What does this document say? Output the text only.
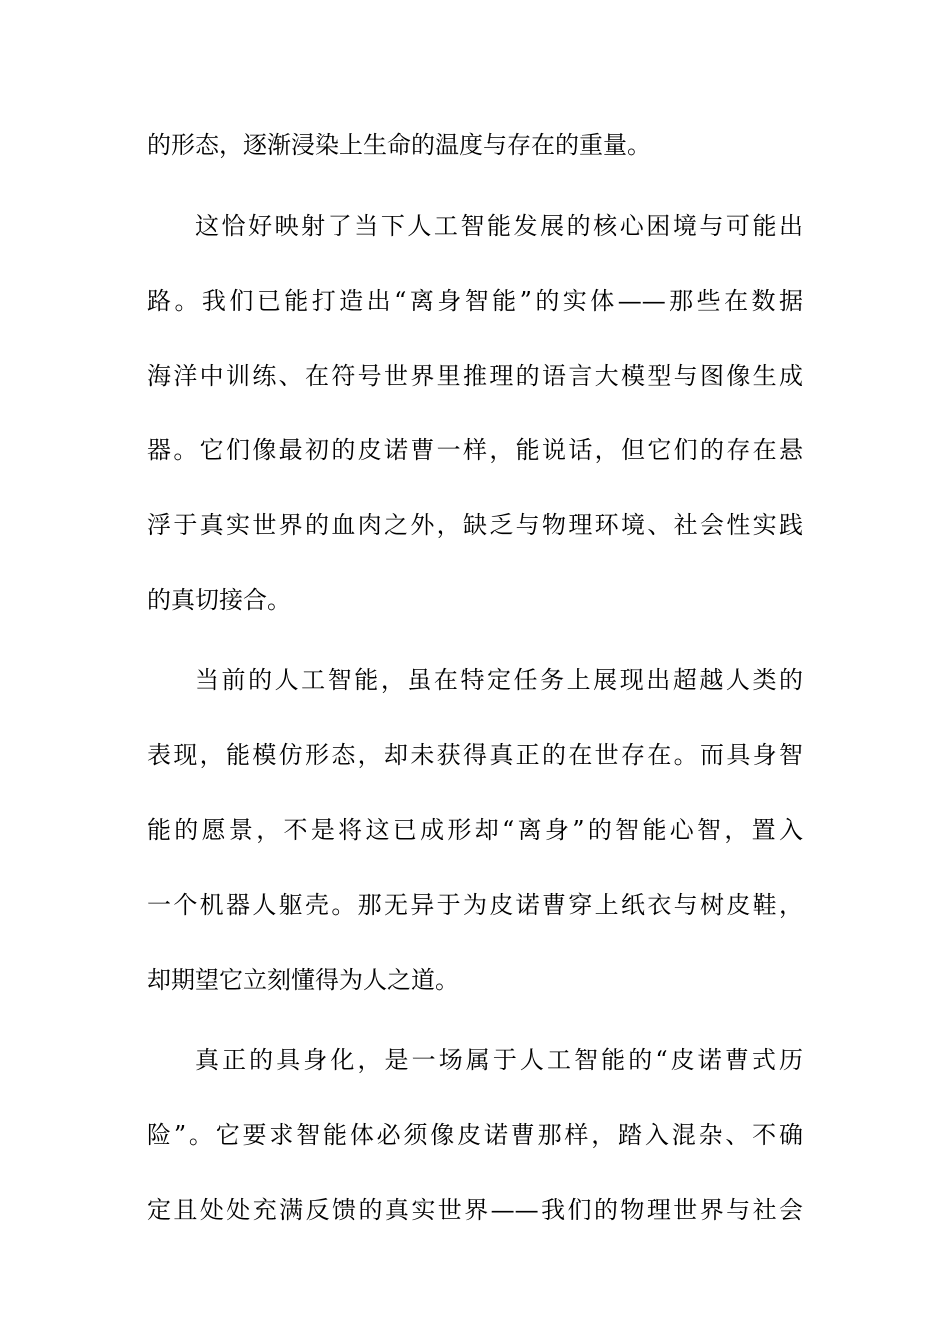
的形态，逐渐浸染上生命的温度与存在的重量。
这恰好映射了当下人工智能发展的核心困境与可能出
路。我们已能打造出“离身智能”的实体——那些在数据
海洋中训练、在符号世界里推理的语言大模型与图像生成
器。它们像最初的皮诺曹一样，能说话，但它们的存在悬
浮于真实世界的血肉之外，缺乏与物理环境、社会性实践
的真切接合。
当前的人工智能，虽在特定任务上展现出超越人类的
表现，能模仿形态，却未获得真正的在世存在。而具身智
能的愿景，不是将这已成形却“离身”的智能心智，置入
一个机器人躯壳。那无异于为皮诺曹穿上纸衣与树皮鞋，
却期望它立刻懂得为人之道。
真正的具身化，是一场属于人工智能的“皮诺曹式历
险”。它要求智能体必须像皮诺曹那样，踏入混杂、不确
定且处处充满反馈的真实世界——我们的物理世界与社会
